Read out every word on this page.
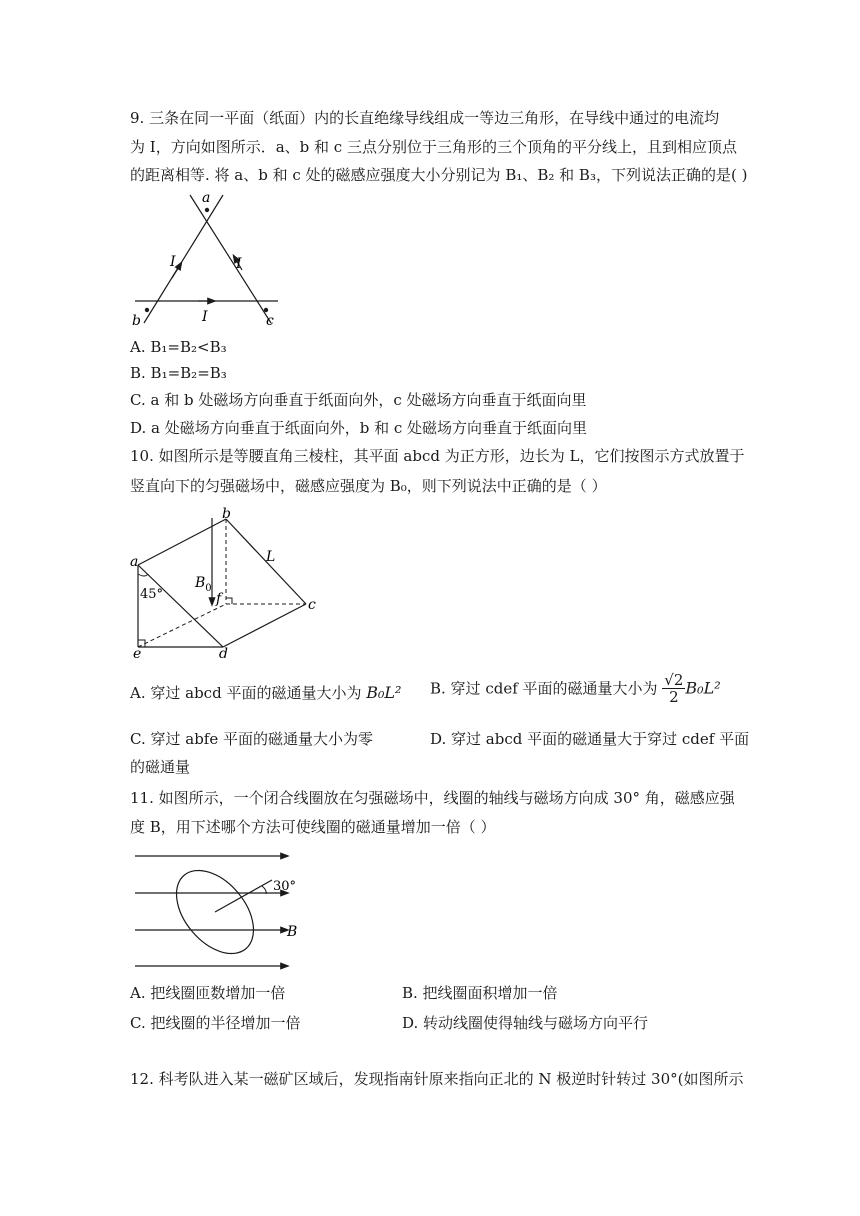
9. 三条在同一平面（纸面）内的长直绝缘导线组成一等边三角形，在导线中通过的电流均
为 I，方向如图所示．a、b 和 c 三点分别位于三角形的三个顶角的平分线上，且到相应顶点
的距离相等. 将 a、b 和 c 处的磁感应强度大小分别记为 B₁、B₂ 和 B₃，下列说法正确的是( )
a
b	c
I	I
I
A. B₁=B₂<B₃
B. B₁=B₂=B₃
C. a 和 b 处磁场方向垂直于纸面向外，c 处磁场方向垂直于纸面向里
D. a 处磁场方向垂直于纸面向外，b 和 c 处磁场方向垂直于纸面向里
10. 如图所示是等腰直角三棱柱，其平面 abcd 为正方形，边长为 L，它们按图示方式放置于
竖直向下的匀强磁场中，磁感应强度为 B₀，则下列说法中正确的是（ ）
a
b
c
d
e
f
L
$B_0$
45°
A. 穿过 abcd 平面的磁通量大小为 B₀L² B. 穿过 cdef 平面的磁通量大小为 $\frac{√2}{2} B_0L^2$
C. 穿过 abfe 平面的磁通量大小为零	D. 穿过 abcd 平面的磁通量大于穿过 cdef 平面
的磁通量
11. 如图所示，一个闭合线圈放在匀强磁场中，线圈的轴线与磁场方向成 30° 角，磁感应强
度 B，用下述哪个方法可使线圈的磁通量增加一倍（ ）
30°
B
A. 把线圈匝数增加一倍	B. 把线圈面积增加一倍
C. 把线圈的半径增加一倍	D. 转动线圈使得轴线与磁场方向平行
12. 科考队进入某一磁矿区域后，发现指南针原来指向正北的 N 极逆时针转过 30°(如图所示
